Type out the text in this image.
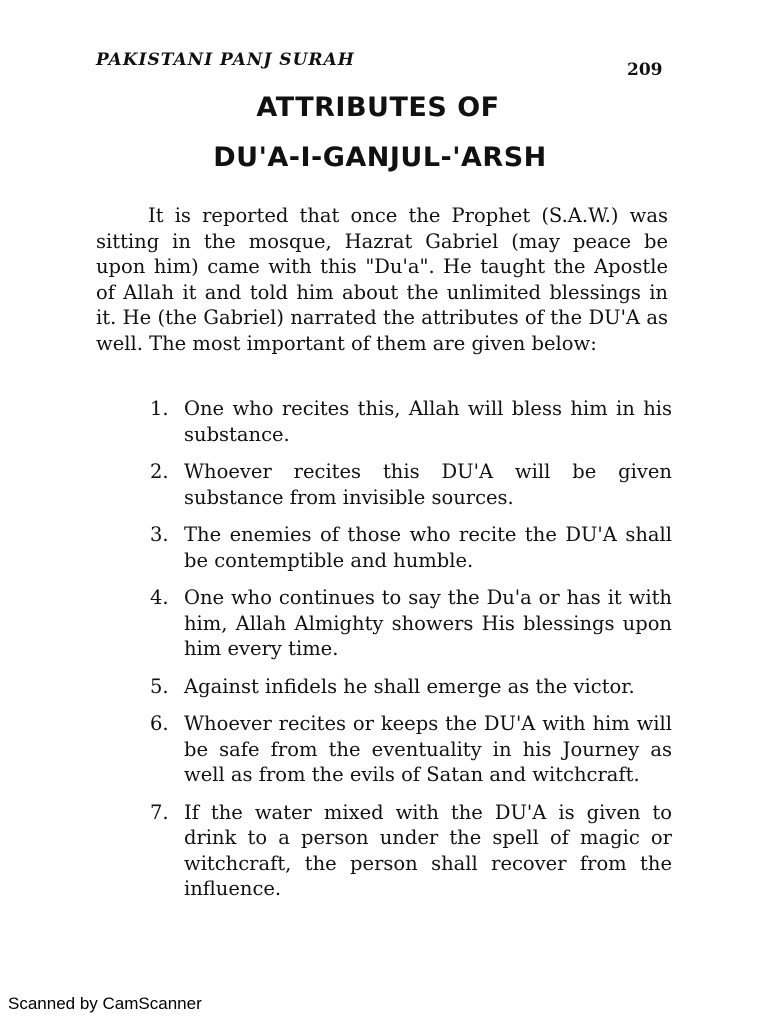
PAKISTANI PANJ SURAH	209
ATTRIBUTES OF
DU'A-I-GANJUL-'ARSH

It is reported that once the Prophet (S.A.W.) was sitting in the mosque, Hazrat Gabriel (may peace be upon him) came with this "Du'a". He taught the Apostle of Allah it and told him about the unlimited blessings in it. He (the Gabriel) narrated the attributes of the DU'A as well. The most important of them are given below:

1. One who recites this, Allah will bless him in his substance.
2. Whoever recites this DU'A will be given substance from invisible sources.
3. The enemies of those who recite the DU'A shall be contemptible and humble.
4. One who continues to say the Du'a or has it with him, Allah Almighty showers His blessings upon him every time.
5. Against infidels he shall emerge as the victor.
6. Whoever recites or keeps the DU'A with him will be safe from the eventuality in his Journey as well as from the evils of Satan and witchcraft.
7. If the water mixed with the DU'A is given to drink to a person under the spell of magic or witchcraft, the person shall recover from the influence.
Scanned by CamScanner
